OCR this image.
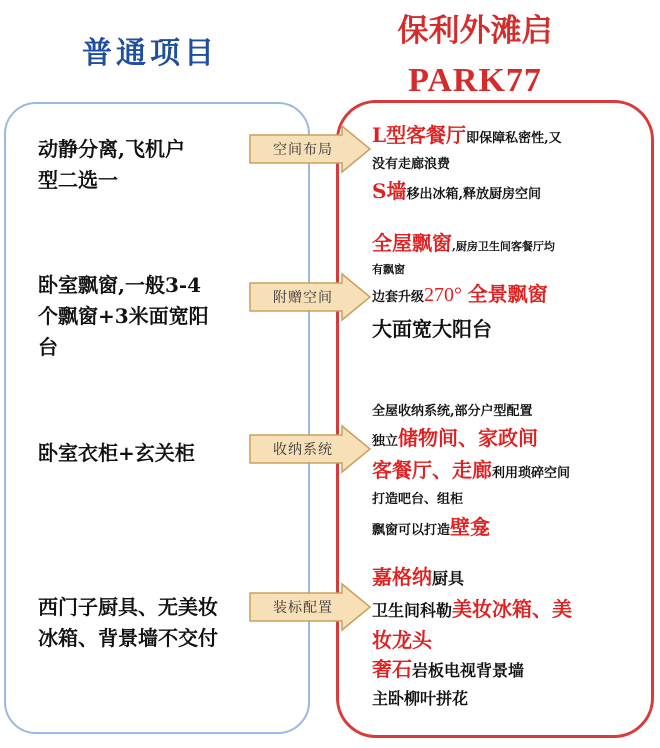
普通项目
保利外滩启
PARK77
动静分离,飞机户
型二选一
卧室飘窗,一般3-4
个飘窗+3米面宽阳
台
卧室衣柜+玄关柜
西门子厨具、无美妆
冰箱、背景墙不交付
空间布局
附赠空间
收纳系统
装标配置
L型客餐厅即保障私密性,又
没有走廊浪费
S墙移出冰箱,释放厨房空间
全屋飘窗,厨房卫生间客餐厅均
有飘窗
边套升级270° 全景飘窗
大面宽大阳台
全屋收纳系统,部分户型配置
独立储物间、家政间
客餐厅、走廊利用琐碎空间
打造吧台、组柜
飘窗可以打造壁龛
嘉格纳厨具
卫生间科勒美妆冰箱、美
妆龙头
奢石岩板电视背景墙
主卧柳叶拼花
